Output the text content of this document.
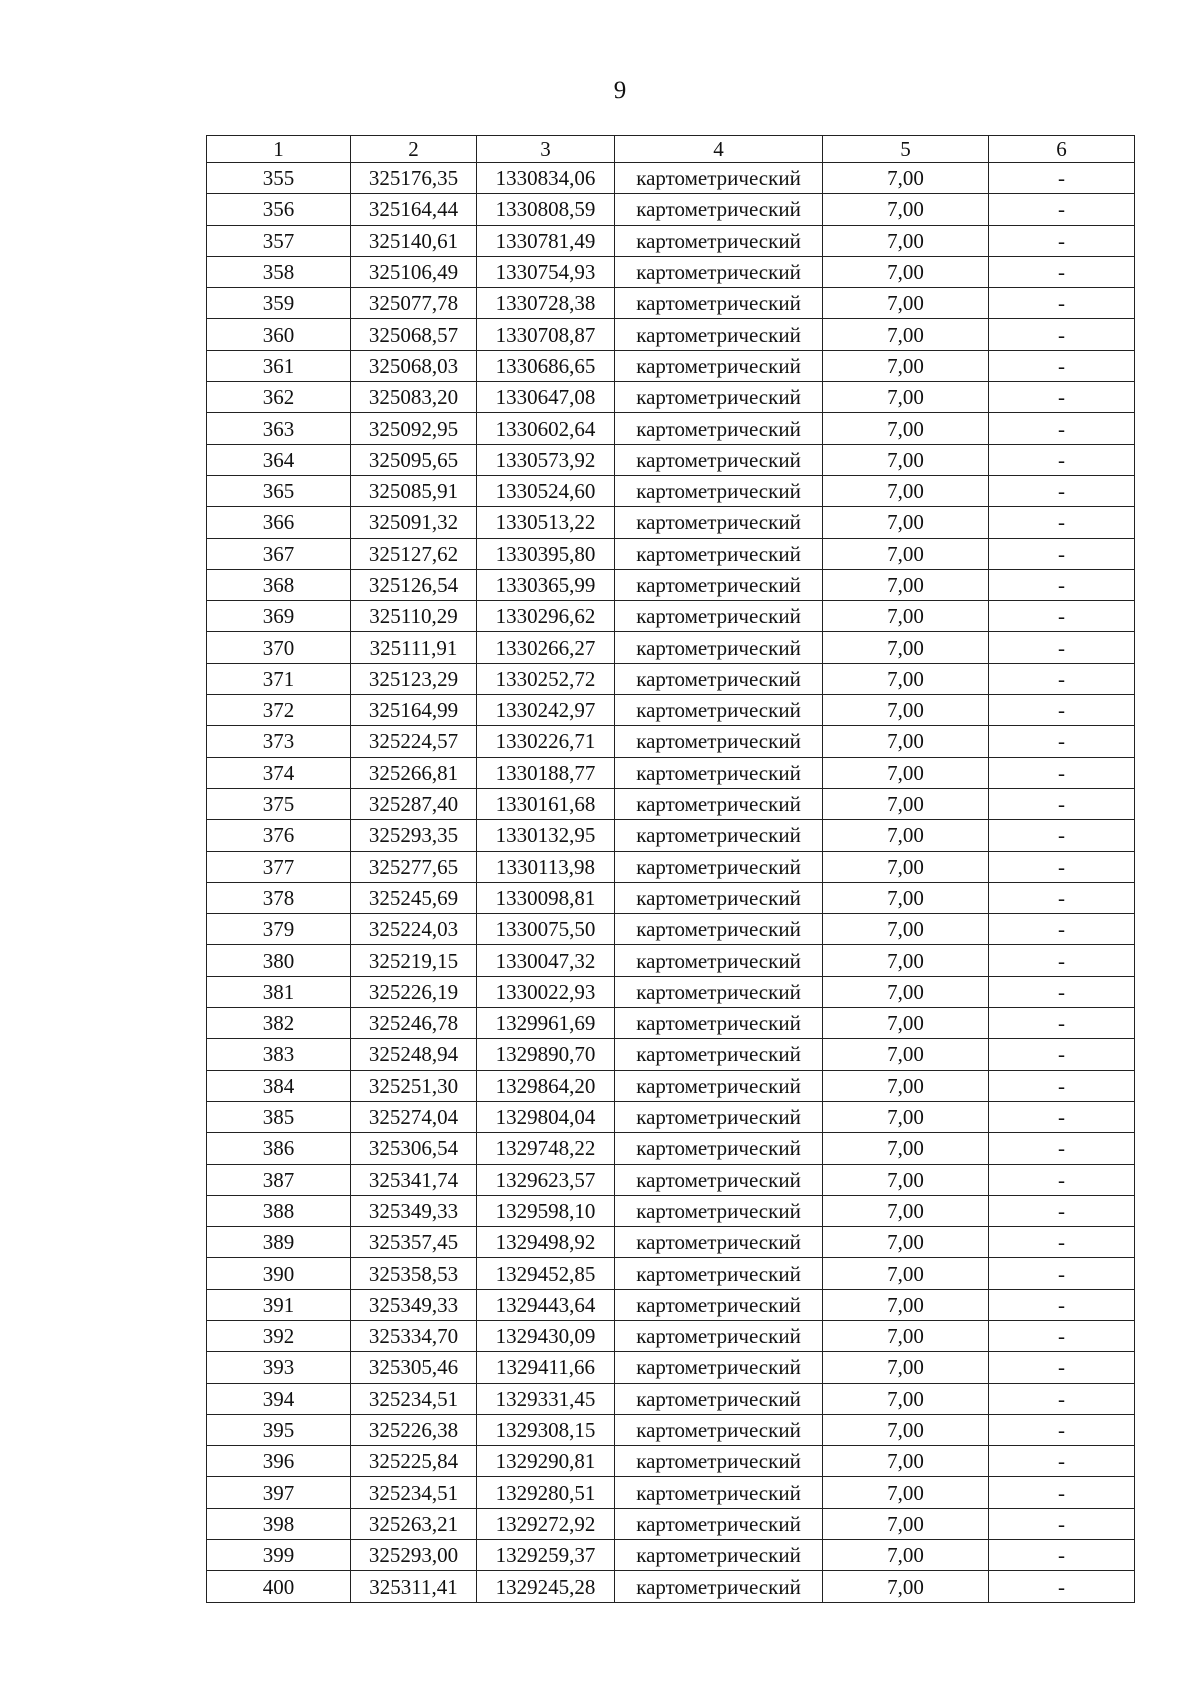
9
1	2	3	4	5	6
355	325176,35	1330834,06	картометрический	7,00	-
356	325164,44	1330808,59	картометрический	7,00	-
357	325140,61	1330781,49	картометрический	7,00	-
358	325106,49	1330754,93	картометрический	7,00	-
359	325077,78	1330728,38	картометрический	7,00	-
360	325068,57	1330708,87	картометрический	7,00	-
361	325068,03	1330686,65	картометрический	7,00	-
362	325083,20	1330647,08	картометрический	7,00	-
363	325092,95	1330602,64	картометрический	7,00	-
364	325095,65	1330573,92	картометрический	7,00	-
365	325085,91	1330524,60	картометрический	7,00	-
366	325091,32	1330513,22	картометрический	7,00	-
367	325127,62	1330395,80	картометрический	7,00	-
368	325126,54	1330365,99	картометрический	7,00	-
369	325110,29	1330296,62	картометрический	7,00	-
370	325111,91	1330266,27	картометрический	7,00	-
371	325123,29	1330252,72	картометрический	7,00	-
372	325164,99	1330242,97	картометрический	7,00	-
373	325224,57	1330226,71	картометрический	7,00	-
374	325266,81	1330188,77	картометрический	7,00	-
375	325287,40	1330161,68	картометрический	7,00	-
376	325293,35	1330132,95	картометрический	7,00	-
377	325277,65	1330113,98	картометрический	7,00	-
378	325245,69	1330098,81	картометрический	7,00	-
379	325224,03	1330075,50	картометрический	7,00	-
380	325219,15	1330047,32	картометрический	7,00	-
381	325226,19	1330022,93	картометрический	7,00	-
382	325246,78	1329961,69	картометрический	7,00	-
383	325248,94	1329890,70	картометрический	7,00	-
384	325251,30	1329864,20	картометрический	7,00	-
385	325274,04	1329804,04	картометрический	7,00	-
386	325306,54	1329748,22	картометрический	7,00	-
387	325341,74	1329623,57	картометрический	7,00	-
388	325349,33	1329598,10	картометрический	7,00	-
389	325357,45	1329498,92	картометрический	7,00	-
390	325358,53	1329452,85	картометрический	7,00	-
391	325349,33	1329443,64	картометрический	7,00	-
392	325334,70	1329430,09	картометрический	7,00	-
393	325305,46	1329411,66	картометрический	7,00	-
394	325234,51	1329331,45	картометрический	7,00	-
395	325226,38	1329308,15	картометрический	7,00	-
396	325225,84	1329290,81	картометрический	7,00	-
397	325234,51	1329280,51	картометрический	7,00	-
398	325263,21	1329272,92	картометрический	7,00	-
399	325293,00	1329259,37	картометрический	7,00	-
400	325311,41	1329245,28	картометрический	7,00	-
